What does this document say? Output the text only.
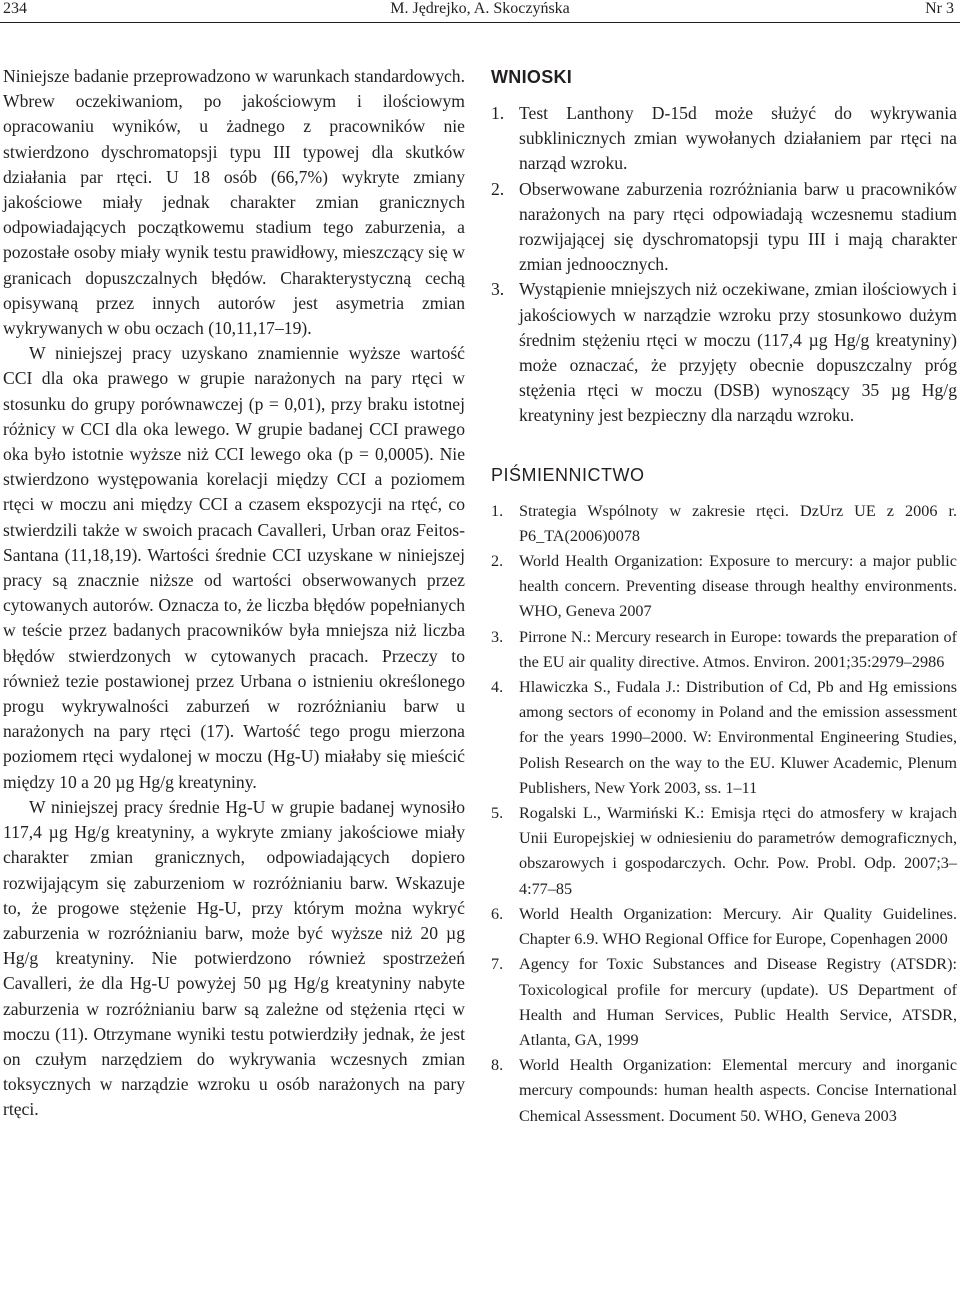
234	M. Jędrejko, A. Skoczyńska	Nr 3

Niniejsze badanie przeprowadzono w warunkach standardowych. Wbrew oczekiwaniom, po jakościowym i ilościowym opracowaniu wyników, u żadnego z pracowników nie stwierdzono dyschromatopsji typu III typowej dla skutków działania par rtęci. U 18 osób (66,7%) wykryte zmiany jakościowe miały jednak charakter zmian granicznych odpowiadających początkowemu stadium tego zaburzenia, a pozostałe osoby miały wynik testu prawidłowy, mieszczący się w granicach dopuszczalnych błędów. Charakterystyczną cechą opisywaną przez innych autorów jest asymetria zmian wykrywanych w obu oczach (10,11,17–19).

W niniejszej pracy uzyskano znamiennie wyższe wartość CCI dla oka prawego w grupie narażonych na pary rtęci w stosunku do grupy porównawczej (p = 0,01), przy braku istotnej różnicy w CCI dla oka lewego. W grupie badanej CCI prawego oka było istotnie wyższe niż CCI lewego oka (p = 0,0005). Nie stwierdzono występowania korelacji między CCI a poziomem rtęci w moczu ani między CCI a czasem ekspozycji na rtęć, co stwierdzili także w swoich pracach Cavalleri, Urban oraz Feitos-Santana (11,18,19). Wartości średnie CCI uzyskane w niniejszej pracy są znacznie niższe od wartości obserwowanych przez cytowanych autorów. Oznacza to, że liczba błędów popełnianych w teście przez badanych pracowników była mniejsza niż liczba błędów stwierdzonych w cytowanych pracach. Przeczy to również tezie postawionej przez Urbana o istnieniu określonego progu wykrywalności zaburzeń w rozróżnianiu barw u narażonych na pary rtęci (17). Wartość tego progu mierzona poziomem rtęci wydalonej w moczu (Hg-U) miałaby się mieścić między 10 a 20 µg Hg/g kreatyniny.

W niniejszej pracy średnie Hg-U w grupie badanej wynosiło 117,4 µg Hg/g kreatyniny, a wykryte zmiany jakościowe miały charakter zmian granicznych, odpowiadających dopiero rozwijającym się zaburzeniom w rozróżnianiu barw. Wskazuje to, że progowe stężenie Hg-U, przy którym można wykryć zaburzenia w rozróżnianiu barw, może być wyższe niż 20 µg Hg/g kreatyniny. Nie potwierdzono również spostrzeżeń Cavalleri, że dla Hg-U powyżej 50 µg Hg/g kreatyniny nabyte zaburzenia w rozróżnianiu barw są zależne od stężenia rtęci w moczu (11). Otrzymane wyniki testu potwierdziły jednak, że jest on czułym narzędziem do wykrywania wczesnych zmian toksycznych w narządzie wzroku u osób narażonych na pary rtęci.

WNIOSKI
1. Test Lanthony D-15d może służyć do wykrywania subklinicznych zmian wywołanych działaniem par rtęci na narząd wzroku.
2. Obserwowane zaburzenia rozróżniania barw u pracowników narażonych na pary rtęci odpowiadają wczesnemu stadium rozwijającej się dyschromatopsji typu III i mają charakter zmian jednoocznych.
3. Wystąpienie mniejszych niż oczekiwane, zmian ilościowych i jakościowych w narządzie wzroku przy stosunkowo dużym średnim stężeniu rtęci w moczu (117,4 µg Hg/g kreatyniny) może oznaczać, że przyjęty obecnie dopuszczalny próg stężenia rtęci w moczu (DSB) wynoszący 35 µg Hg/g kreatyniny jest bezpieczny dla narządu wzroku.
PIŚMIENNICTWO
1. Strategia Wspólnoty w zakresie rtęci. DzUrz UE z 2006 r. P6_TA(2006)0078
2. World Health Organization: Exposure to mercury: a major public health concern. Preventing disease through healthy environments. WHO, Geneva 2007
3. Pirrone N.: Mercury research in Europe: towards the preparation of the EU air quality directive. Atmos. Environ. 2001;35:2979–2986
4. Hlawiczka S., Fudala J.: Distribution of Cd, Pb and Hg emissions among sectors of economy in Poland and the emission assessment for the years 1990–2000. W: Environmental Engineering Studies, Polish Research on the way to the EU. Kluwer Academic, Plenum Publishers, New York 2003, ss. 1–11
5. Rogalski L., Warmiński K.: Emisja rtęci do atmosfery w krajach Unii Europejskiej w odniesieniu do parametrów demograficznych, obszarowych i gospodarczych. Ochr. Pow. Probl. Odp. 2007;3–4:77–85
6. World Health Organization: Mercury. Air Quality Guidelines. Chapter 6.9. WHO Regional Office for Europe, Copenhagen 2000
7. Agency for Toxic Substances and Disease Registry (ATSDR): Toxicological profile for mercury (update). US Department of Health and Human Services, Public Health Service, ATSDR, Atlanta, GA, 1999
8. World Health Organization: Elemental mercury and inorganic mercury compounds: human health aspects. Concise International Chemical Assessment. Document 50. WHO, Geneva 2003
